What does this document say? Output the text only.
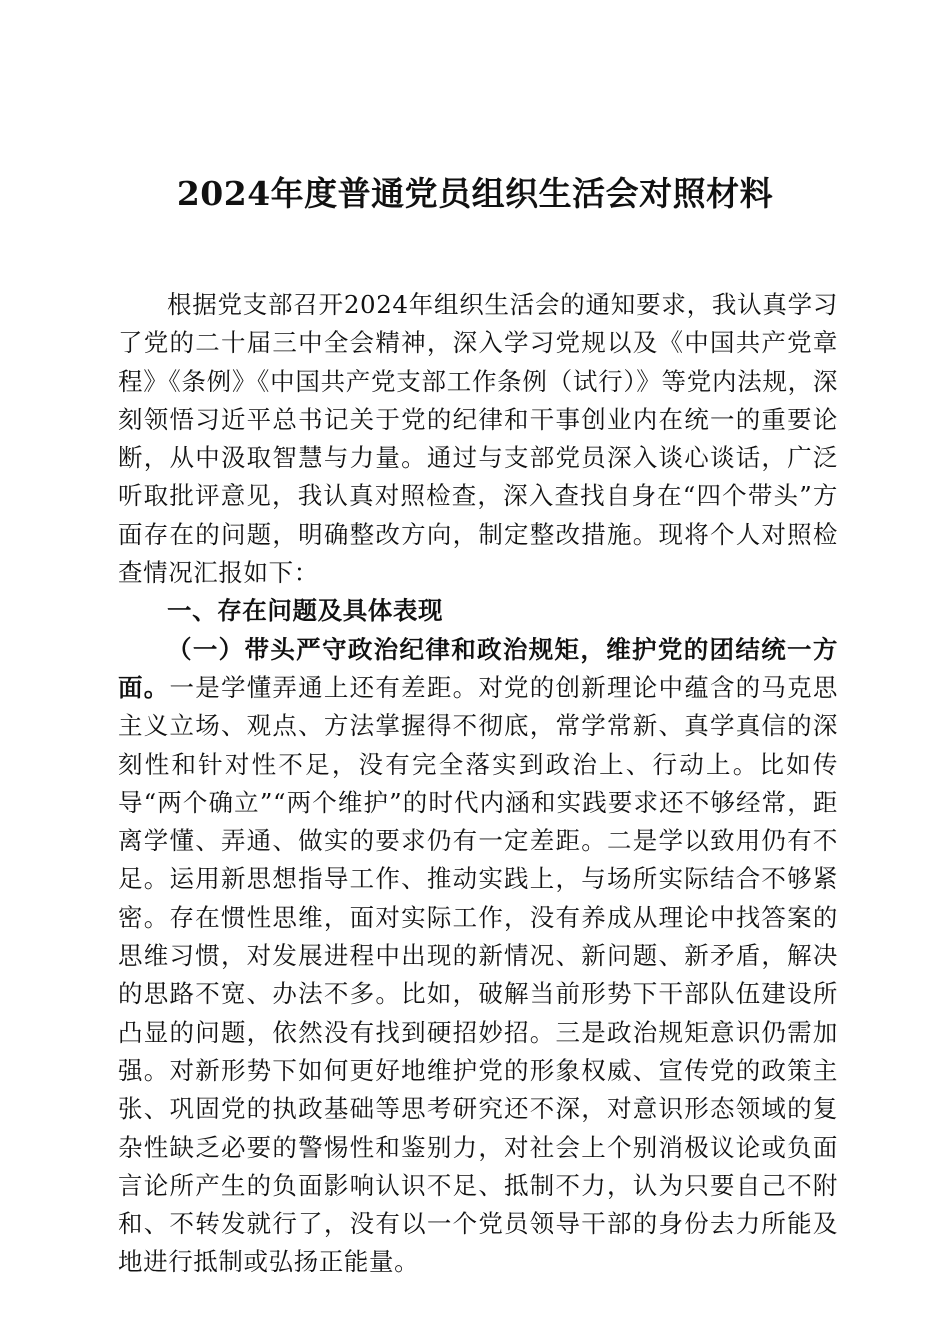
2024年度普通党员组织生活会对照材料

根据党支部召开2024年组织生活会的通知要求，我认真学习了党的二十届三中全会精神，深入学习党规以及《中国共产党章程》《条例》《中国共产党支部工作条例（试行）》等党内法规，深刻领悟习近平总书记关于党的纪律和干事创业内在统一的重要论断，从中汲取智慧与力量。通过与支部党员深入谈心谈话，广泛听取批评意见，我认真对照检查，深入查找自身在“四个带头”方面存在的问题，明确整改方向，制定整改措施。现将个人对照检查情况汇报如下：

一、存在问题及具体表现

（一）带头严守政治纪律和政治规矩，维护党的团结统一方面。一是学懂弄通上还有差距。对党的创新理论中蕴含的马克思主义立场、观点、方法掌握得不彻底，常学常新、真学真信的深刻性和针对性不足，没有完全落实到政治上、行动上。比如传导“两个确立”“两个维护”的时代内涵和实践要求还不够经常，距离学懂、弄通、做实的要求仍有一定差距。二是学以致用仍有不足。运用新思想指导工作、推动实践上，与场所实际结合不够紧密。存在惯性思维，面对实际工作，没有养成从理论中找答案的思维习惯，对发展进程中出现的新情况、新问题、新矛盾，解决的思路不宽、办法不多。比如，破解当前形势下干部队伍建设所凸显的问题，依然没有找到硬招妙招。三是政治规矩意识仍需加强。对新形势下如何更好地维护党的形象权威、宣传党的政策主张、巩固党的执政基础等思考研究还不深，对意识形态领域的复杂性缺乏必要的警惕性和鉴别力，对社会上个别消极议论或负面言论所产生的负面影响认识不足、抵制不力，认为只要自己不附和、不转发就行了，没有以一个党员领导干部的身份去力所能及地进行抵制或弘扬正能量。
